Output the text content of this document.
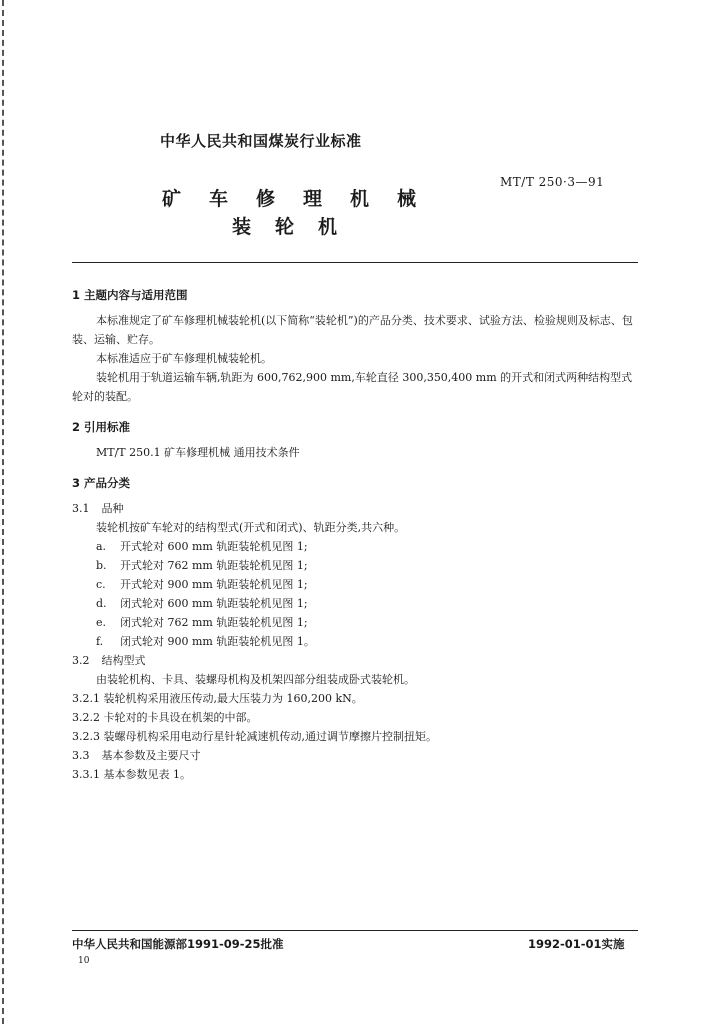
中华人民共和国煤炭行业标准
MT/T 250·3—91
矿车修理机械
装轮机

1 主题内容与适用范围

本标准规定了矿车修理机械装轮机(以下简称“装轮机”)的产品分类、技术要求、试验方法、检验规则及标志、包装、运输、贮存。

本标准适应于矿车修理机械装轮机。

装轮机用于轨道运输车辆,轨距为 600,762,900 mm,车轮直径 300,350,400 mm 的开式和闭式两种结构型式轮对的装配。

2 引用标准

MT/T 250.1 矿车修理机械 通用技术条件

3 产品分类

3.1 品种

装轮机按矿车轮对的结构型式(开式和闭式)、轨距分类,共六种。

a. 开式轮对 600 mm 轨距装轮机见图 1;

b. 开式轮对 762 mm 轨距装轮机见图 1;

c. 开式轮对 900 mm 轨距装轮机见图 1;

d. 闭式轮对 600 mm 轨距装轮机见图 1;

e. 闭式轮对 762 mm 轨距装轮机见图 1;

f. 闭式轮对 900 mm 轨距装轮机见图 1。

3.2 结构型式

由装轮机构、卡具、装螺母机构及机架四部分组装成卧式装轮机。

3.2.1 装轮机构采用液压传动,最大压装力为 160,200 kN。

3.2.2 卡轮对的卡具设在机架的中部。

3.2.3 装螺母机构采用电动行星针轮减速机传动,通过调节摩擦片控制扭矩。

3.3 基本参数及主要尺寸

3.3.1 基本参数见表 1。

中华人民共和国能源部1991-09-25批准	1992-01-01实施
10
